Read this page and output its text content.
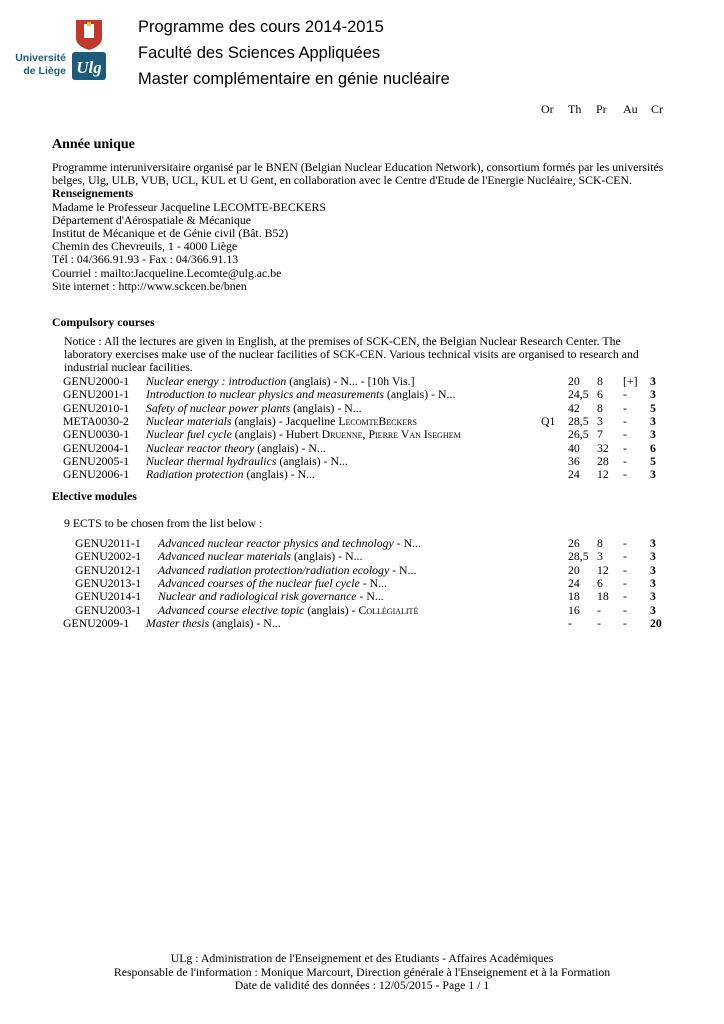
Université
de Liège Ulg
Programme des cours 2014-2015
Faculté des Sciences Appliquées
Master complémentaire en génie nucléaire
Or Th Pr Au Cr
Année unique

Programme interuniversitaire organisé par le BNEN (Belgian Nuclear Education Network), consortium formés par les universités belges, Ulg, ULB, VUB, UCL, KUL et U Gent, en collaboration avec le Centre d'Etude de l'Energie Nucléaire, SCK-CEN.

Renseignements

Madame le Professeur Jacqueline LECOMTE-BECKERS

Département d'Aérospatiale & Mécanique

Institut de Mécanique et de Génie civil (Bât. B52)

Chemin des Chevreuils, 1 - 4000 Liège

Tél : 04/366.91.93 - Fax : 04/366.91.13

Courriel : mailto:Jacqueline.Lecomte@ulg.ac.be

Site internet : http://www.sckcen.be/bnen

Compulsory courses
Notice : All the lectures are given in English, at the premises of SCK-CEN, the Belgian Nuclear Research Center. The laboratory exercises make use of the nuclear facilities of SCK-CEN. Various technical visits are organised to research and industrial nuclear facilities.
GENU2000-1 Nuclear energy : introduction (anglais) - N... - [10h Vis.]	20 8 [+] 3
GENU2001-1 Introduction to nuclear physics and measurements (anglais) - N...	24,5 6 - 3
GENU2010-1 Safety of nuclear power plants (anglais) - N...	42 8 - 5
META0030-2 Nuclear materials (anglais) - Jacqueline LecomteBeckers	Q1 28,5 3 - 3
GENU0030-1 Nuclear fuel cycle (anglais) - Hubert Druenne, Pierre Van Iseghem	26,5 7 - 3
GENU2004-1 Nuclear reactor theory (anglais) - N...	40 32 - 6
GENU2005-1 Nuclear thermal hydraulics (anglais) - N...	36 28 - 5
GENU2006-1 Radiation protection (anglais) - N...	24 12 - 3
Elective modules
9 ECTS to be chosen from the list below :
GENU2011-1 Advanced nuclear reactor physics and technology - N...	26 8 - 3
GENU2002-1 Advanced nuclear materials (anglais) - N...	28,5 3 - 3
GENU2012-1 Advanced radiation protection/radiation ecology - N...	20 12 - 3
GENU2013-1 Advanced courses of the nuclear fuel cycle - N...	24 6 - 3
GENU2014-1 Nuclear and radiological risk governance - N...	18 18 - 3
GENU2003-1 Advanced course elective topic (anglais) - Collégialité	16 - - 3
GENU2009-1 Master thesis (anglais) - N...	- - - 20
ULg : Administration de l'Enseignement et des Etudiants - Affaires Académiques
Responsable de l'information : Monique Marcourt, Direction générale à l'Enseignement et à la Formation
Date de validité des données : 12/05/2015 - Page 1 / 1
